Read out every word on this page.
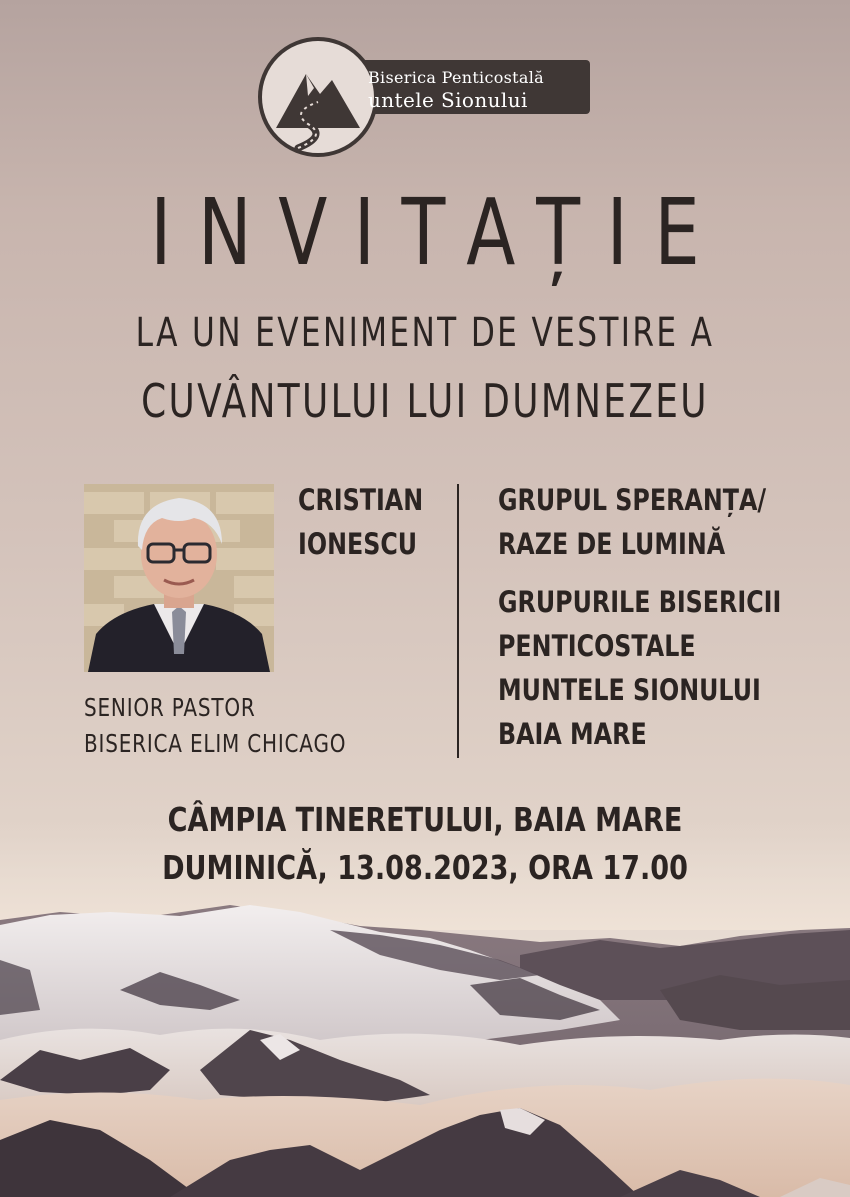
Biserica Penticostală
untele Sionului
INVITAȚIE
LA UN EVENIMENT DE VESTIRE A
CUVÂNTULUI LUI DUMNEZEU
CRISTIAN
IONESCU
SENIOR PASTOR
BISERICA ELIM CHICAGO
GRUPUL SPERANȚA/
RAZE DE LUMINĂ
GRUPURILE BISERICII
PENTICOSTALE
MUNTELE SIONULUI
BAIA MARE
CÂMPIA TINERETULUI, BAIA MARE
DUMINICĂ, 13.08.2023, ORA 17.00
